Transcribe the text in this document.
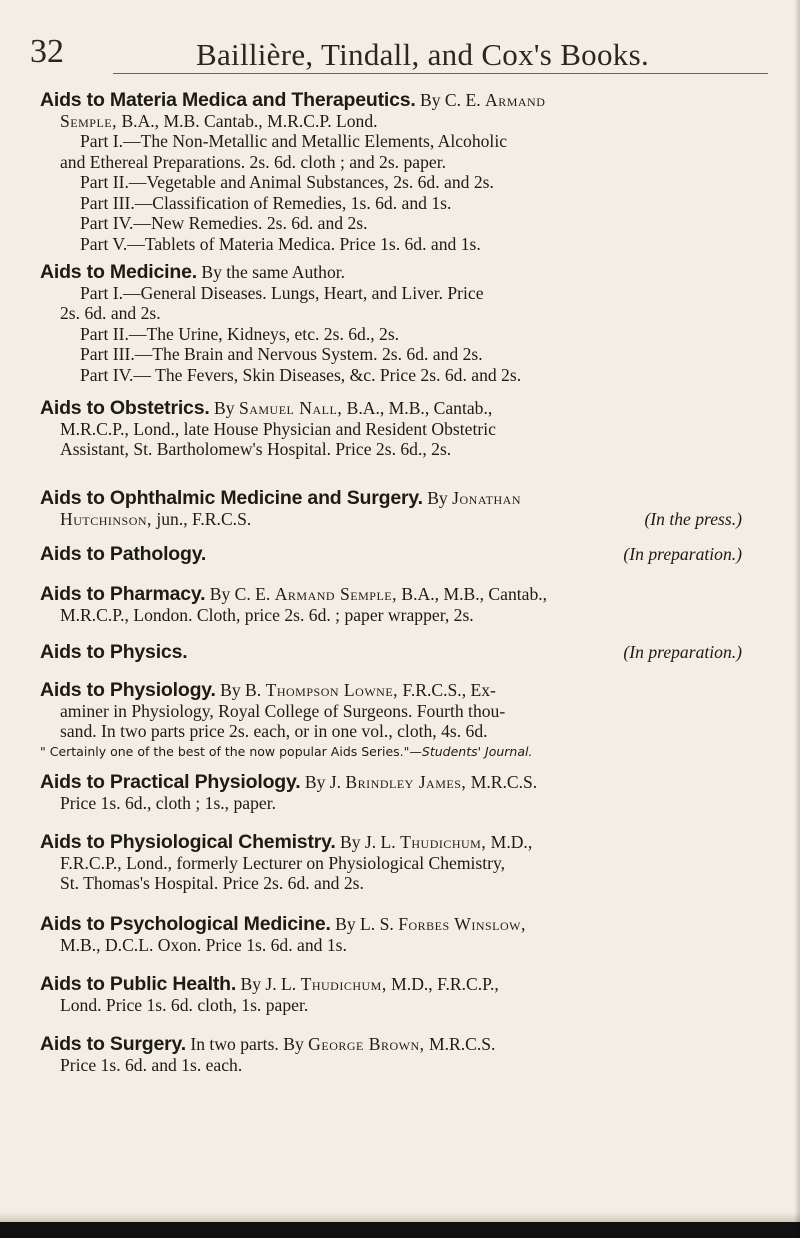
32	Baillière, Tindall, and Cox's Books.
Aids to Materia Medica and Therapeutics. By C. E. Armand
Semple, B.A., M.B. Cantab., M.R.C.P. Lond.
Part I.—The Non-Metallic and Metallic Elements, Alcoholic
and Ethereal Preparations. 2s. 6d. cloth ; and 2s. paper.
Part II.—Vegetable and Animal Substances, 2s. 6d. and 2s.
Part III.—Classification of Remedies, 1s. 6d. and 1s.
Part IV.—New Remedies. 2s. 6d. and 2s.
Part V.—Tablets of Materia Medica. Price 1s. 6d. and 1s.
Aids to Medicine. By the same Author.
Part I.—General Diseases. Lungs, Heart, and Liver. Price
2s. 6d. and 2s.
Part II.—The Urine, Kidneys, etc. 2s. 6d., 2s.
Part III.—The Brain and Nervous System. 2s. 6d. and 2s.
Part IV.— The Fevers, Skin Diseases, &c. Price 2s. 6d. and 2s.
Aids to Obstetrics. By Samuel Nall, B.A., M.B., Cantab.,
M.R.C.P., Lond., late House Physician and Resident Obstetric
Assistant, St. Bartholomew's Hospital. Price 2s. 6d., 2s.
Aids to Ophthalmic Medicine and Surgery. By Jonathan
Hutchinson, jun., F.R.C.S.	(In the press.)
Aids to Pathology.	(In preparation.)
Aids to Pharmacy. By C. E. Armand Semple, B.A., M.B., Cantab.,
M.R.C.P., London. Cloth, price 2s. 6d. ; paper wrapper, 2s.
Aids to Physics.	(In preparation.)
Aids to Physiology. By B. Thompson Lowne, F.R.C.S., Ex-
aminer in Physiology, Royal College of Surgeons. Fourth thou-
sand. In two parts price 2s. each, or in one vol., cloth, 4s. 6d.
" Certainly one of the best of the now popular Aids Series."—Students' Journal.
Aids to Practical Physiology. By J. Brindley James, M.R.C.S.
Price 1s. 6d., cloth ; 1s., paper.
Aids to Physiological Chemistry. By J. L. Thudichum, M.D.,
F.R.C.P., Lond., formerly Lecturer on Physiological Chemistry,
St. Thomas's Hospital. Price 2s. 6d. and 2s.
Aids to Psychological Medicine. By L. S. Forbes Winslow,
M.B., D.C.L. Oxon. Price 1s. 6d. and 1s.
Aids to Public Health. By J. L. Thudichum, M.D., F.R.C.P.,
Lond. Price 1s. 6d. cloth, 1s. paper.
Aids to Surgery. In two parts. By George Brown, M.R.C.S.
Price 1s. 6d. and 1s. each.
